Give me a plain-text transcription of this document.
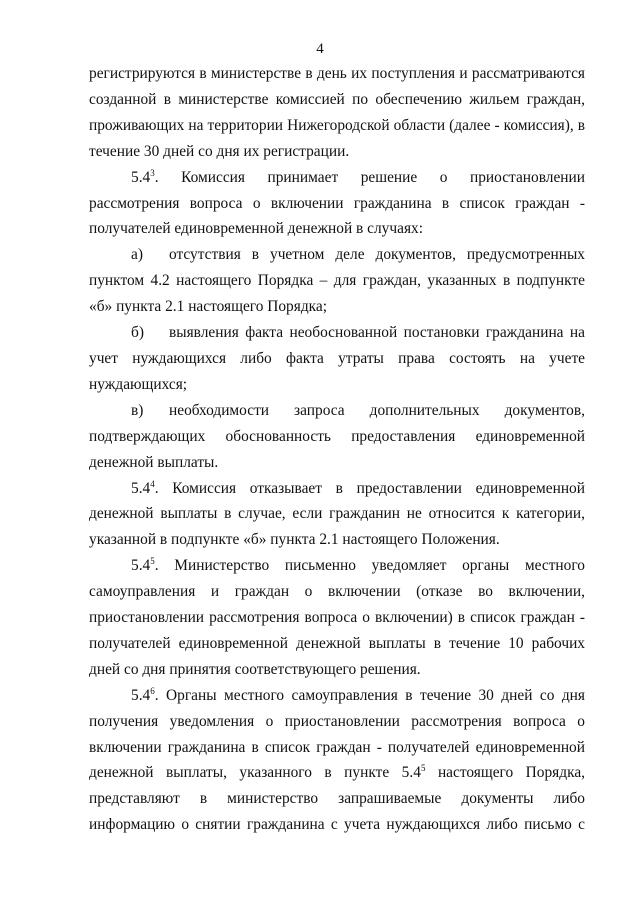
4

регистрируются в министерстве в день их поступления и рассматриваются созданной в министерстве комиссией по обеспечению жильем граждан, проживающих на территории Нижегородской области (далее - комиссия), в течение 30 дней со дня их регистрации.

$5.4^3$. Комиссия принимает решение о приостановлении рассмотрения вопроса о включении гражданина в список граждан - получателей единовременной денежной в случаях:

а) отсутствия в учетном деле документов, предусмотренных пунктом 4.2 настоящего Порядка – для граждан, указанных в подпункте «б» пункта 2.1 настоящего Порядка;

б) выявления факта необоснованной постановки гражданина на учет нуждающихся либо факта утраты права состоять на учете нуждающихся;

в) необходимости запроса дополнительных документов, подтверждающих обоснованность предоставления единовременной денежной выплаты.

$5.4^4$. Комиссия отказывает в предоставлении единовременной денежной выплаты в случае, если гражданин не относится к категории, указанной в подпункте «б» пункта 2.1 настоящего Положения.

$5.4^5$. Министерство письменно уведомляет органы местного самоуправления и граждан о включении (отказе во включении, приостановлении рассмотрения вопроса о включении) в список граждан - получателей единовременной денежной выплаты в течение 10 рабочих дней со дня принятия соответствующего решения.

$5.4^6$. Органы местного самоуправления в течение 30 дней со дня получения уведомления о приостановлении рассмотрения вопроса о включении гражданина в список граждан - получателей единовременной денежной выплаты, указанного в пункте $5.4^5$ настоящего Порядка, представляют в министерство запрашиваемые документы либо информацию о снятии гражданина с учета нуждающихся либо письмо с
